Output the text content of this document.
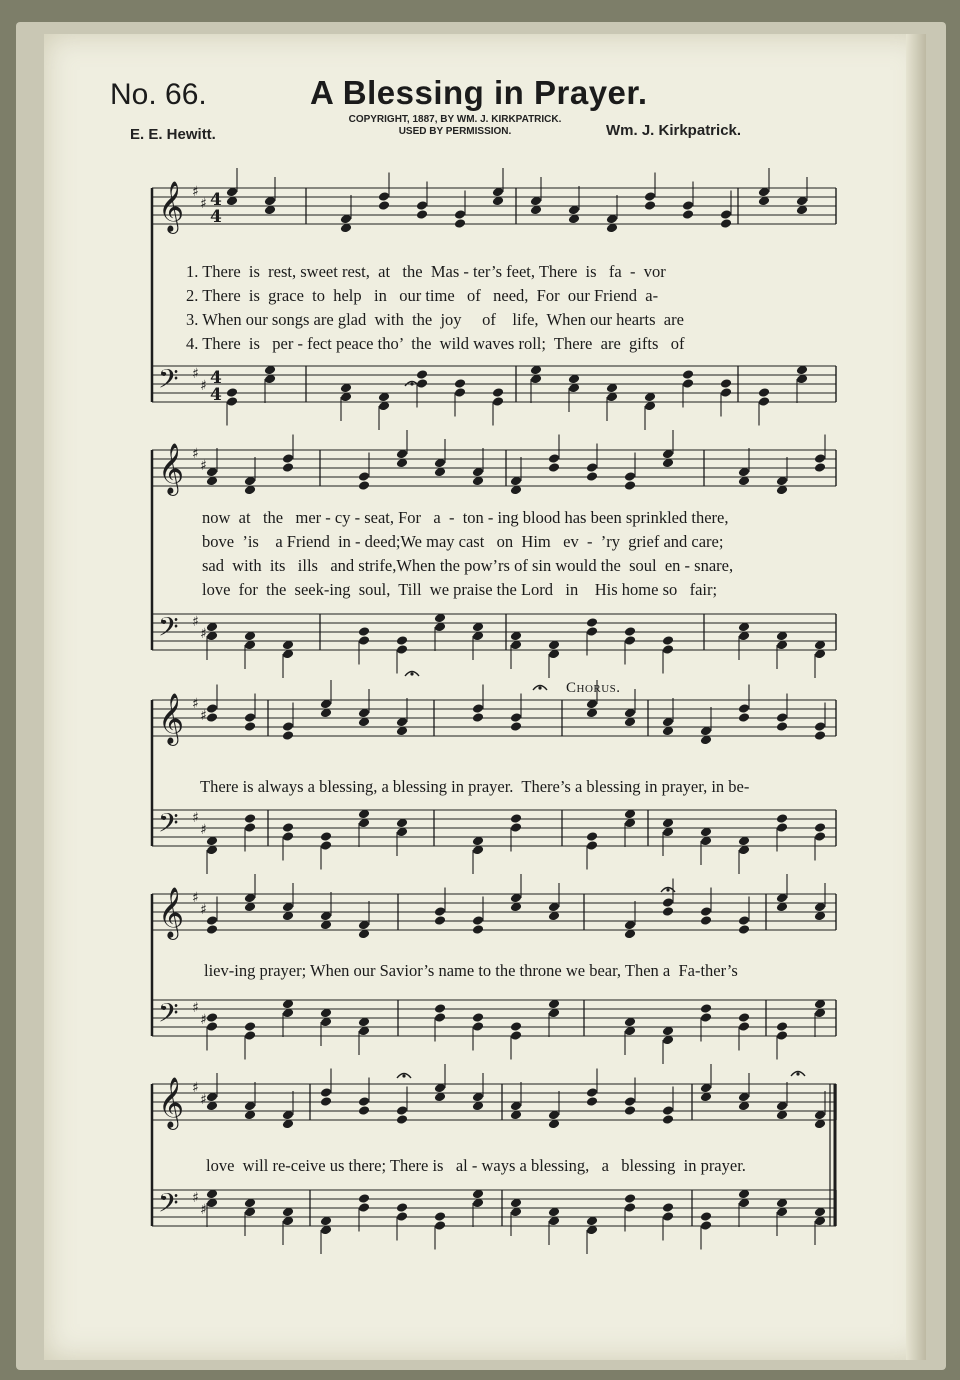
No. 66.	A Blessing in Prayer.
COPYRIGHT, 1887, BY WM. J. KIRKPATRICK.
USED BY PERMISSION.
E. E. Hewitt.	Wm. J. Kirkpatrick.
𝄞 ♯
♯ 4
4
𝄢 ♯
♯ 4
4
𝄞 ♯
♯
𝄢 ♯
♯
𝄞 ♯
♯
𝄢 ♯
♯
𝄞 ♯
♯
𝄢 ♯
♯
𝄞 ♯
♯
𝄢 ♯
♯
1. There  is  rest, sweet rest,  at   the  Mas - ter’s feet, There  is   fa  -  vor
2. There  is  grace  to  help   in   our time   of   need,  For  our Friend  a-
3. When our songs are glad  with  the  joy     of    life,  When our hearts  are
4. There  is   per - fect peace tho’  the  wild waves roll;  There  are  gifts   of
now  at   the   mer - cy - seat, For   a  -  ton - ing blood has been sprinkled there,
bove  ’is    a Friend  in - deed;We may cast   on  Him   ev  -  ’ry  grief and care;
sad  with  its   ills   and strife,When the pow’rs of sin would the  soul  en - snare,
love  for  the  seek-ing  soul,  Till  we praise the Lord   in    His home so   fair;
Chorus.
There is always a blessing, a blessing in prayer.  There’s a blessing in prayer, in be-
liev-ing prayer; When our Savior’s name to the throne we bear, Then a  Fa-ther’s
love  will re-ceive us there; There is   al - ways a blessing,   a   blessing  in prayer.
